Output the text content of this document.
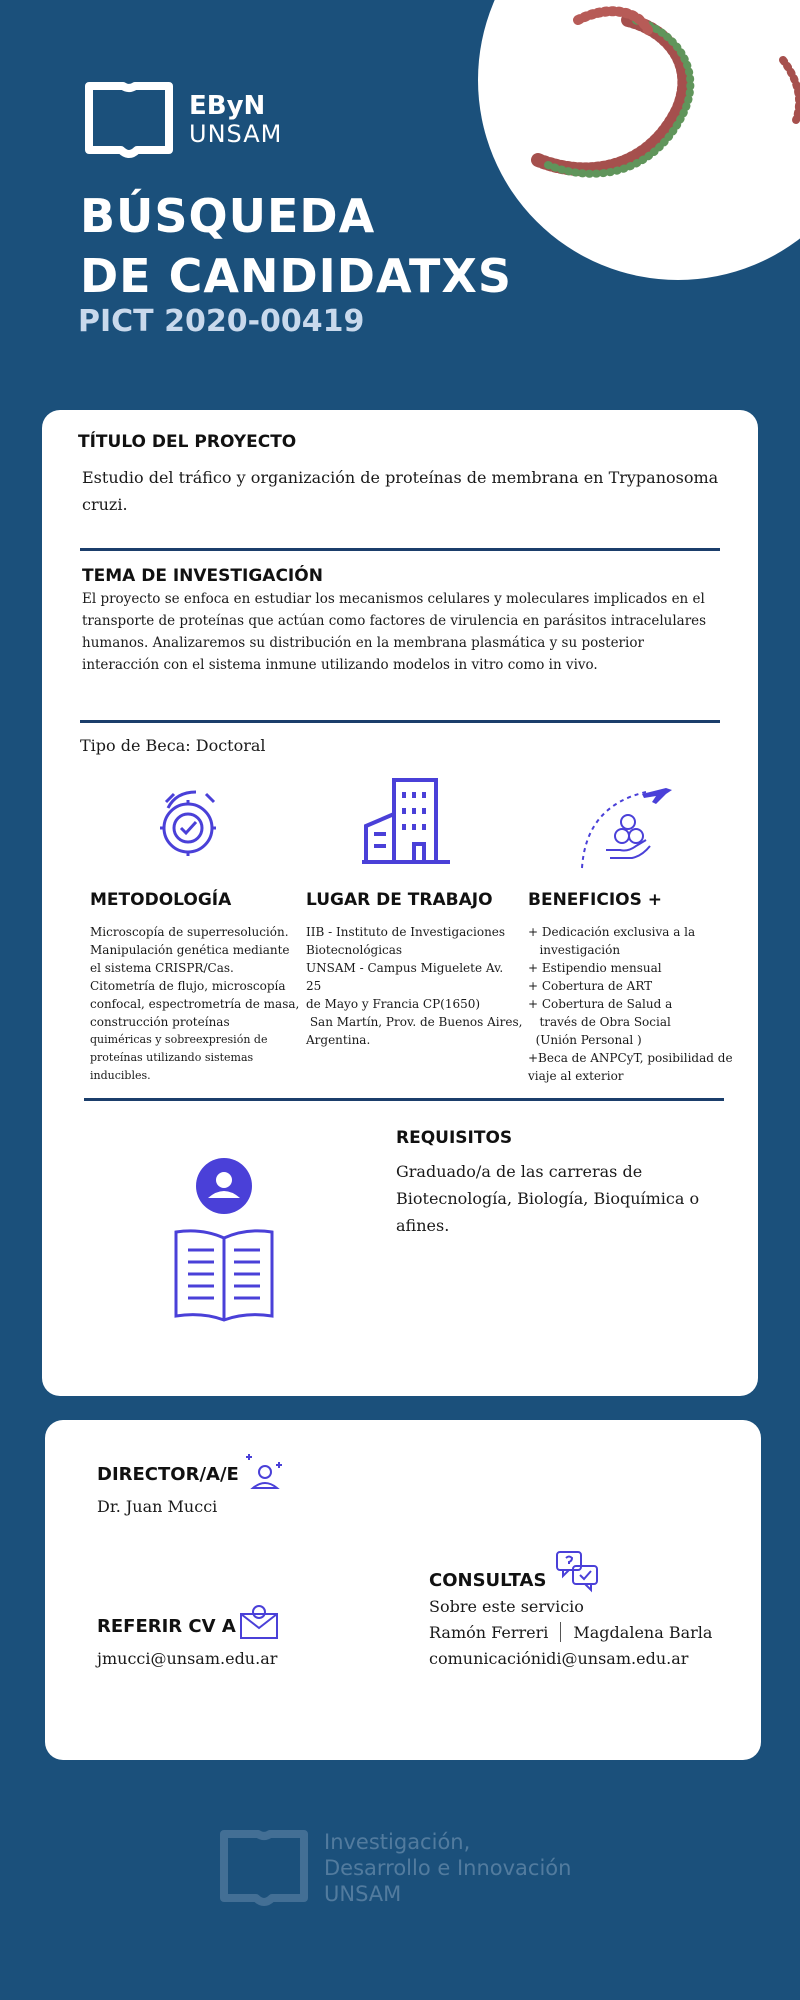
EByN
UNSAM
BÚSQUEDA
DE CANDIDATXS
PICT 2020-00419
TÍTULO DEL PROYECTO
Estudio del tráfico y organización de proteínas de membrana en Trypanosoma cruzi.
TEMA DE INVESTIGACIÓN
El proyecto se enfoca en estudiar los mecanismos celulares y moleculares implicados en el transporte de proteínas que actúan como factores de virulencia en parásitos intracelulares humanos. Analizaremos su distribución en la membrana plasmática y su posterior interacción con el sistema inmune utilizando modelos in vitro como in vivo.
Tipo de Beca: Doctoral
METODOLOGÍA
Microscopía de superresolución.
Manipulación genética mediante
el sistema CRISPR/Cas.
Citometría de flujo, microscopía
confocal, espectrometría de masa,
construcción proteínas
quiméricas y sobreexpresión de
proteínas utilizando sistemas
inducibles.
LUGAR DE TRABAJO
IIB - Instituto de Investigaciones
Biotecnológicas
UNSAM - Campus Miguelete Av. 25
de Mayo y Francia CP(1650)
San Martín, Prov. de Buenos Aires,
Argentina.
BENEFICIOS +
+ Dedicación exclusiva a la
investigación
+ Estipendio mensual
+ Cobertura de ART
+ Cobertura de Salud a
través de Obra Social
(Unión Personal )
+Beca de ANPCyT, posibilidad de
viaje al exterior
REQUISITOS
Graduado/a de las carreras de
Biotecnología, Biología, Bioquímica o
afines.
DIRECTOR/A/E
Dr. Juan Mucci
REFERIR CV A
jmucci@unsam.edu.ar
CONSULTAS
Sobre este servicio
Ramón Ferreri Magdalena Barla
comunicaciónidi@unsam.edu.ar
Investigación,
Desarrollo e Innovación
UNSAM
